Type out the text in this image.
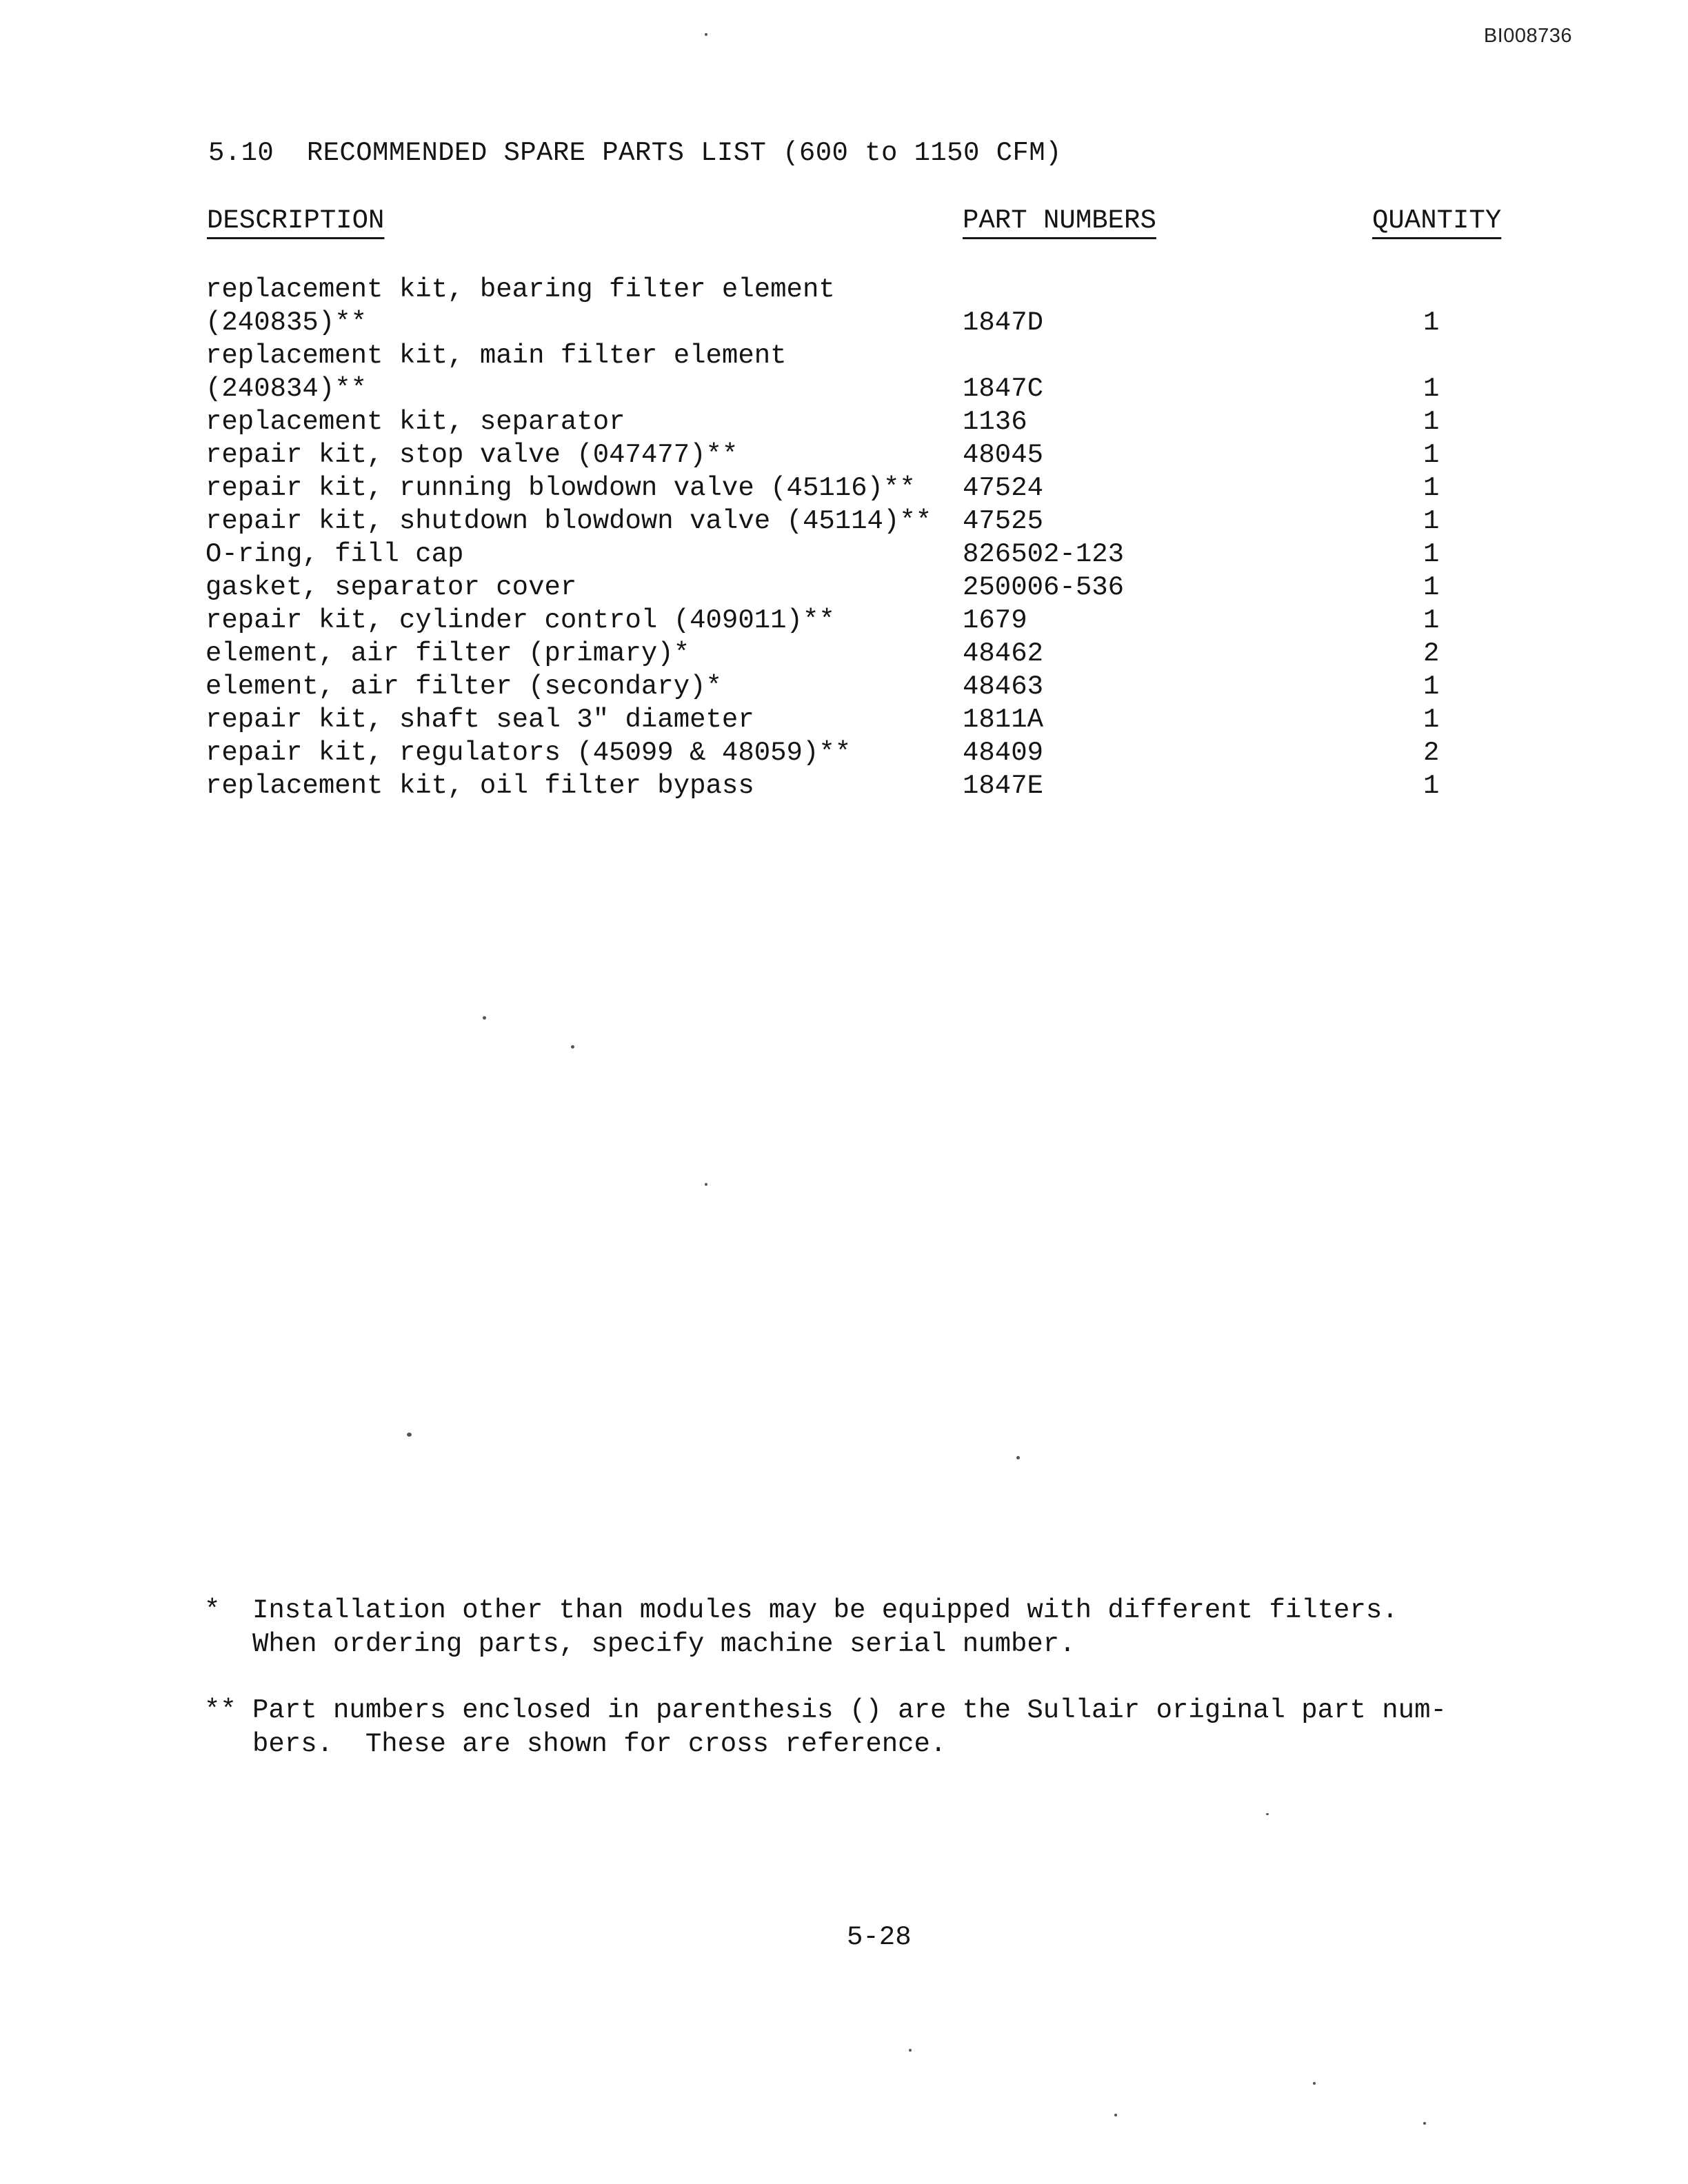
BI008736
5.10  RECOMMENDED SPARE PARTS LIST (600 to 1150 CFM)
DESCRIPTION	PART NUMBERS	QUANTITY
replacement kit, bearing filter element
(240835)**	1847D	1
replacement kit, main filter element
(240834)**	1847C	1
replacement kit, separator	1136	1
repair kit, stop valve (047477)**	48045	1
repair kit, running blowdown valve (45116)**	47524	1
repair kit, shutdown blowdown valve (45114)**	47525	1
O-ring, fill cap	826502-123	1
gasket, separator cover	250006-536	1
repair kit, cylinder control (409011)**	1679	1
element, air filter (primary)*	48462	2
element, air filter (secondary)*	48463	1
repair kit, shaft seal 3" diameter	1811A	1
repair kit, regulators (45099 & 48059)**	48409	2
replacement kit, oil filter bypass	1847E	1
* Installation other than modules may be equipped with different filters.
When ordering parts, specify machine serial number.
** Part numbers enclosed in parenthesis () are the Sullair original part num-
bers.  These are shown for cross reference.
5-28
